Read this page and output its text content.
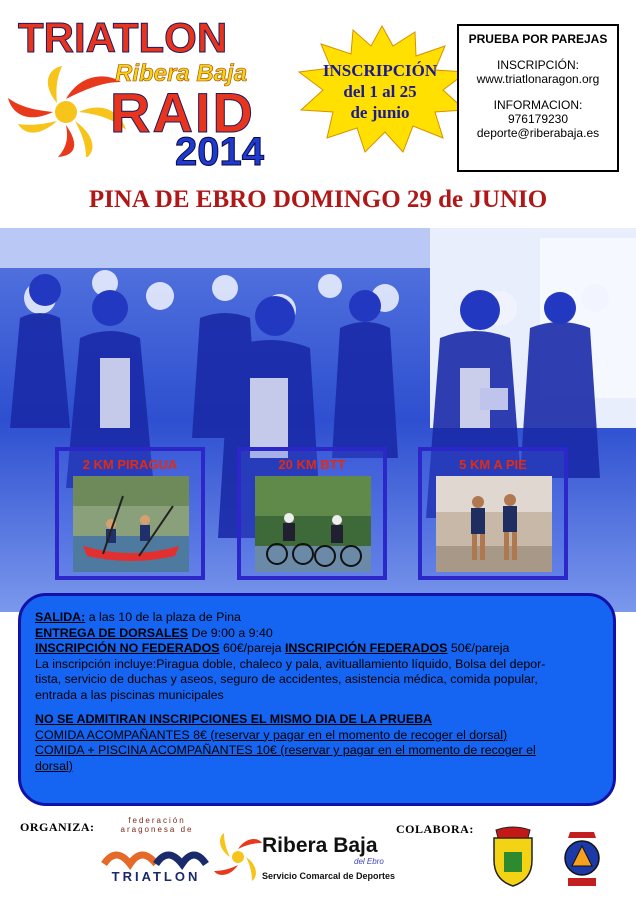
TRIATLON
Ribera Baja
RAID
2014
INSCRIPCIÓN
del 1 al 25
de junio
PRUEBA POR PAREJAS
INSCRIPCIÓN:
www.triatlonaragon.org
INFORMACION:
976179230
deporte@riberabaja.es
PINA DE EBRO DOMINGO 29 de JUNIO
2 KM PIRAGUA	20 KM BTT	5 KM A PIE
SALIDA: a las 10 de la plaza de Pina
ENTREGA DE DORSALES De 9:00 a 9:40
INSCRIPCIÓN NO FEDERADOS 60€/pareja INSCRIPCIÓN FEDERADOS 50€/pareja
La inscripción incluye:Piragua doble, chaleco y pala, avituallamiento líquido, Bolsa del depor-
tista, servicio de duchas y aseos, seguro de accidentes, asistencia médica, comida popular,
entrada a las piscinas municipales
NO SE ADMITIRAN INSCRIPCIONES EL MISMO DIA DE LA PRUEBA
COMIDA ACOMPAÑANTES 8€ (reservar y pagar en el momento de recoger el dorsal)
COMIDA + PISCINA ACOMPAÑANTES 10€ (reservar y pagar en el momento de recoger el
dorsal)
ORGANIZA:	COLABORA:
federación
aragonesa de
TRIATLON
Ribera Baja
del Ebro
Servicio Comarcal de Deportes
